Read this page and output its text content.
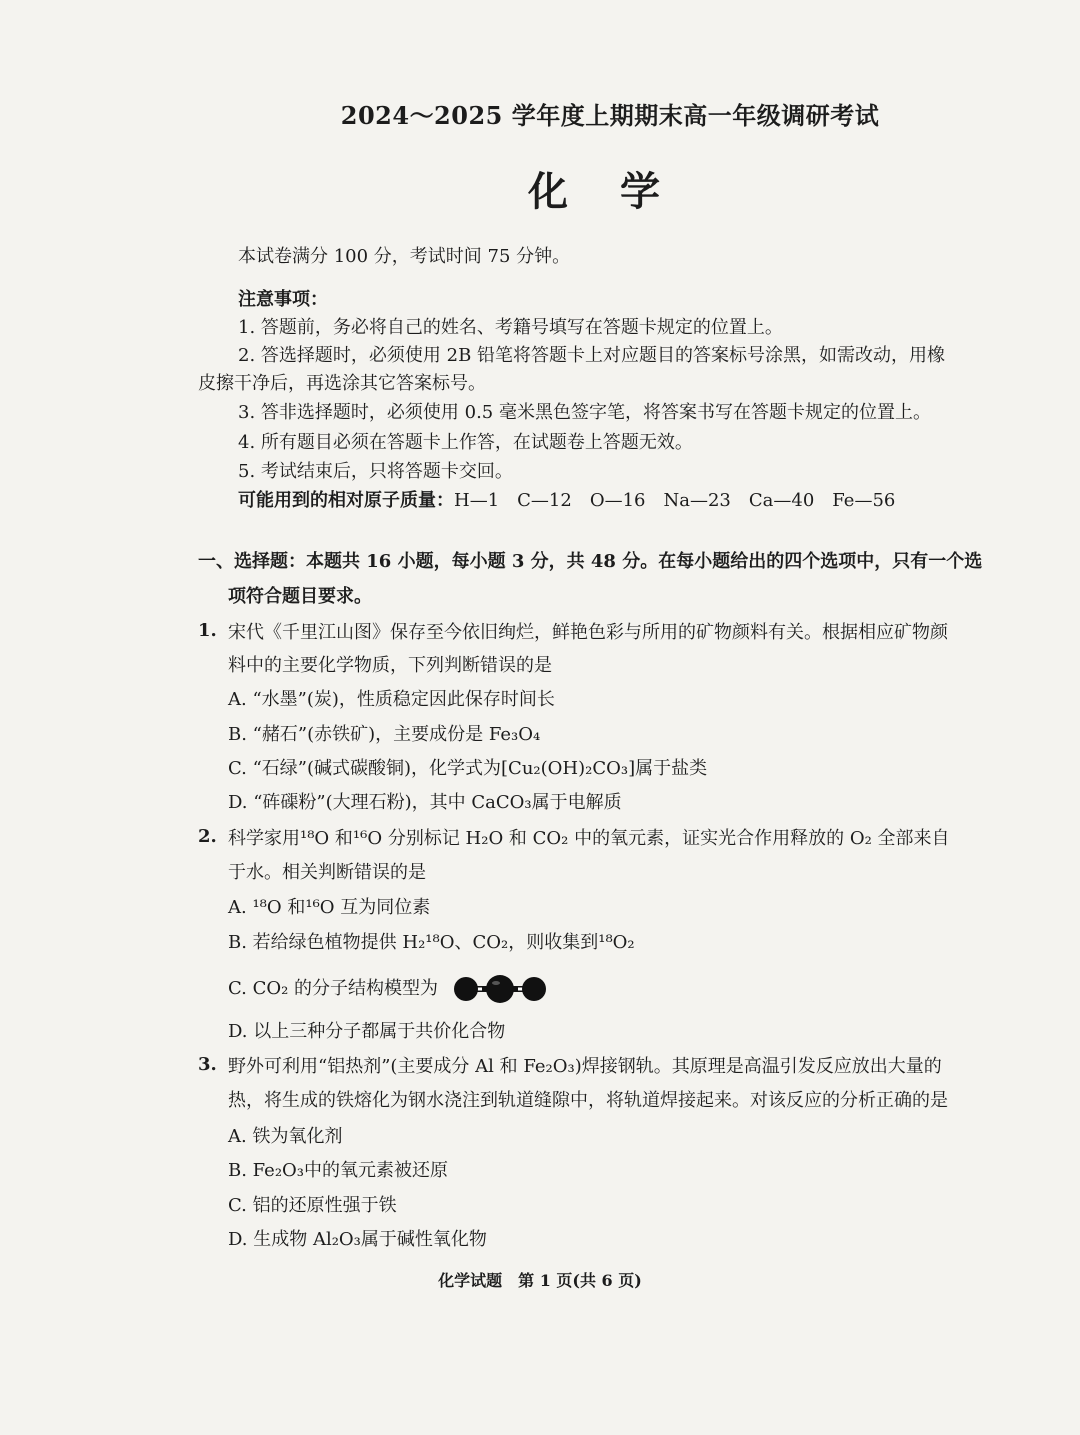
2024～2025 学年度上期期末高一年级调研考试
化学
本试卷满分 100 分，考试时间 75 分钟。
注意事项：
1. 答题前，务必将自己的姓名、考籍号填写在答题卡规定的位置上。
2. 答选择题时，必须使用 2B 铅笔将答题卡上对应题目的答案标号涂黑，如需改动，用橡
皮擦干净后，再选涂其它答案标号。
3. 答非选择题时，必须使用 0.5 毫米黑色签字笔，将答案书写在答题卡规定的位置上。
4. 所有题目必须在答题卡上作答，在试题卷上答题无效。
5. 考试结束后，只将答题卡交回。
可能用到的相对原子质量：H—1　C—12　O—16　Na—23　Ca—40　Fe—56
一、选择题：本题共 16 小题，每小题 3 分，共 48 分。在每小题给出的四个选项中，只有一个选
项符合题目要求。
1. 宋代《千里江山图》保存至今依旧绚烂，鲜艳色彩与所用的矿物颜料有关。根据相应矿物颜
料中的主要化学物质，下列判断错误的是
A. “水墨”(炭)，性质稳定因此保存时间长
B. “赭石”(赤铁矿)，主要成份是 Fe₃O₄
C. “石绿”(碱式碳酸铜)，化学式为[Cu₂(OH)₂CO₃]属于盐类
D. “砗磲粉”(大理石粉)，其中 CaCO₃属于电解质
2. 科学家用¹⁸O 和¹⁶O 分别标记 H₂O 和 CO₂ 中的氧元素，证实光合作用释放的 O₂ 全部来自
于水。相关判断错误的是
A. ¹⁸O 和¹⁶O 互为同位素
B. 若给绿色植物提供 H₂¹⁸O、CO₂，则收集到¹⁸O₂
C. CO₂ 的分子结构模型为
D. 以上三种分子都属于共价化合物
3. 野外可利用“铝热剂”(主要成分 Al 和 Fe₂O₃)焊接钢轨。其原理是高温引发反应放出大量的
热，将生成的铁熔化为钢水浇注到轨道缝隙中，将轨道焊接起来。对该反应的分析正确的是
A. 铁为氧化剂
B. Fe₂O₃中的氧元素被还原
C. 铝的还原性强于铁
D. 生成物 Al₂O₃属于碱性氧化物
化学试题　第 1 页(共 6 页)
